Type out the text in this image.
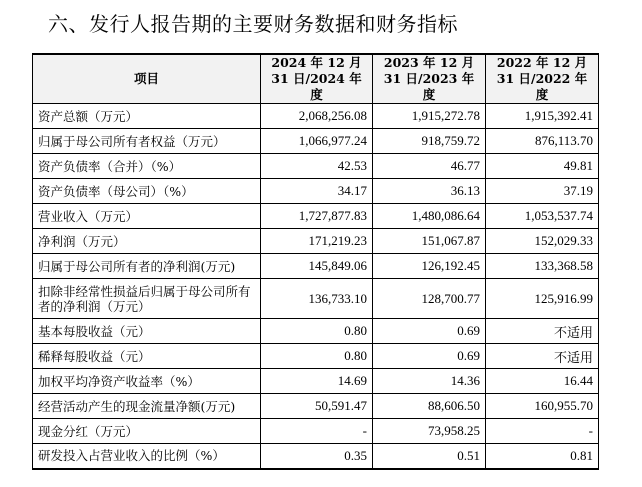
六、发行人报告期的主要财务数据和财务指标
项目	2024 年 12 月 31 日/2024 年度	2023 年 12 月 31 日/2023 年度	2022 年 12 月 31 日/2022 年度
资产总额（万元）	2,068,256.08	1,915,272.78	1,915,392.41
归属于母公司所有者权益（万元）	1,066,977.24	918,759.72	876,113.70
资产负债率（合并）（%）	42.53	46.77	49.81
资产负债率（母公司）（%）	34.17	36.13	37.19
营业收入（万元）	1,727,877.83	1,480,086.64	1,053,537.74
净利润（万元）	171,219.23	151,067.87	152,029.33
归属于母公司所有者的净利润(万元)	145,849.06	126,192.45	133,368.58
扣除非经常性损益后归属于母公司所有者的净利润（万元）	136,733.10	128,700.77	125,916.99
基本每股收益（元）	0.80	0.69	不适用
稀释每股收益（元）	0.80	0.69	不适用
加权平均净资产收益率（%）	14.69	14.36	16.44
经营活动产生的现金流量净额(万元)	50,591.47	88,606.50	160,955.70
现金分红（万元）	-	73,958.25	-
研发投入占营业收入的比例（%）	0.35	0.51	0.81
